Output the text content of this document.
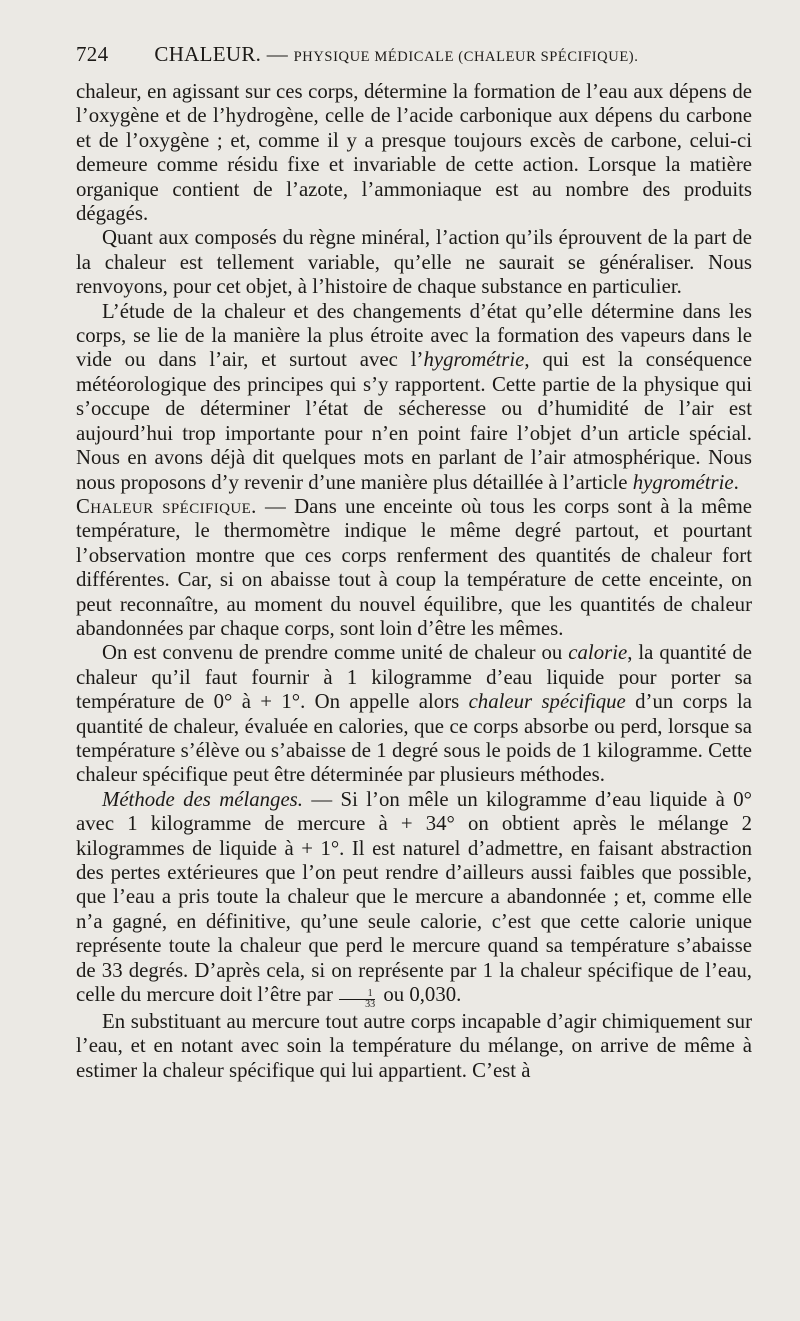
724 CHALEUR. — PHYSIQUE MÉDICALE (CHALEUR SPÉCIFIQUE).

chaleur, en agissant sur ces corps, détermine la formation de l’eau aux dépens de l’oxygène et de l’hydrogène, celle de l’acide carbonique aux dépens du carbone et de l’oxygène ; et, comme il y a presque toujours excès de carbone, celui-ci demeure comme résidu fixe et invariable de cette action. Lorsque la matière organique contient de l’azote, l’ammoniaque est au nombre des produits dégagés.

Quant aux composés du règne minéral, l’action qu’ils éprouvent de la part de la chaleur est tellement variable, qu’elle ne saurait se généraliser. Nous renvoyons, pour cet objet, à l’histoire de chaque substance en particulier.

L’étude de la chaleur et des changements d’état qu’elle détermine dans les corps, se lie de la manière la plus étroite avec la formation des vapeurs dans le vide ou dans l’air, et surtout avec l’hygrométrie, qui est la conséquence météorologique des principes qui s’y rapportent. Cette partie de la physique qui s’occupe de déterminer l’état de sécheresse ou d’humidité de l’air est aujourd’hui trop importante pour n’en point faire l’objet d’un article spécial. Nous en avons déjà dit quelques mots en parlant de l’air atmosphérique. Nous nous proposons d’y revenir d’une manière plus détaillée à l’article hygrométrie.

Chaleur spécifique. — Dans une enceinte où tous les corps sont à la même température, le thermomètre indique le même degré partout, et pourtant l’observation montre que ces corps renferment des quantités de chaleur fort différentes. Car, si on abaisse tout à coup la température de cette enceinte, on peut reconnaître, au moment du nouvel équilibre, que les quantités de chaleur abandonnées par chaque corps, sont loin d’être les mêmes.

On est convenu de prendre comme unité de chaleur ou calorie, la quantité de chaleur qu’il faut fournir à 1 kilogramme d’eau liquide pour porter sa température de 0° à + 1°. On appelle alors chaleur spécifique d’un corps la quantité de chaleur, évaluée en calories, que ce corps absorbe ou perd, lorsque sa température s’élève ou s’abaisse de 1 degré sous le poids de 1 kilogramme. Cette chaleur spécifique peut être déterminée par plusieurs méthodes.

Méthode des mélanges. — Si l’on mêle un kilogramme d’eau liquide à 0° avec 1 kilogramme de mercure à + 34° on obtient après le mélange 2 kilogrammes de liquide à + 1°. Il est naturel d’admettre, en faisant abstraction des pertes extérieures que l’on peut rendre d’ailleurs aussi faibles que possible, que l’eau a pris toute la chaleur que le mercure a abandonnée ; et, comme elle n’a gagné, en définitive, qu’une seule calorie, c’est que cette calorie unique représente toute la chaleur que perd le mercure quand sa température s’abaisse de 33 degrés. D’après cela, si on représente par 1 la chaleur spécifique de l’eau, celle du mercure doit l’être par $\frac{1}{33}$ ou 0,030.

En substituant au mercure tout autre corps incapable d’agir chimiquement sur l’eau, et en notant avec soin la température du mélange, on arrive de même à estimer la chaleur spécifique qui lui appartient. C’est à
